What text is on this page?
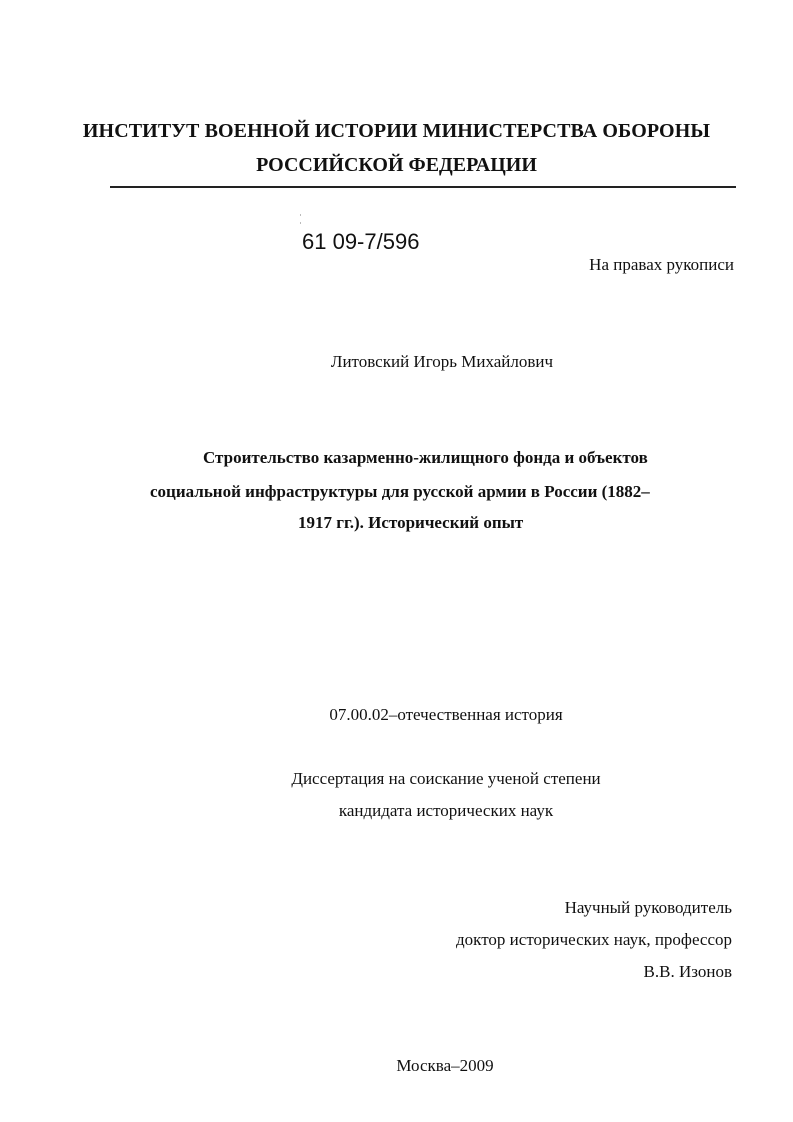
ИНСТИТУТ ВОЕННОЙ ИСТОРИИ МИНИСТЕРСТВА ОБОРОНЫ
РОССИЙСКОЙ ФЕДЕРАЦИИ
61 09-7/596
На правах рукописи
Литовский Игорь Михайлович
Строительство казарменно-жилищного фонда и объектов
социальной инфраструктуры для русской армии в России (1882–
1917 гг.). Исторический опыт
07.00.02–отечественная история
Диссертация на соискание ученой степени
кандидата исторических наук
Научный руководитель
доктор исторических наук, профессор
В.В. Изонов
Москва–2009
